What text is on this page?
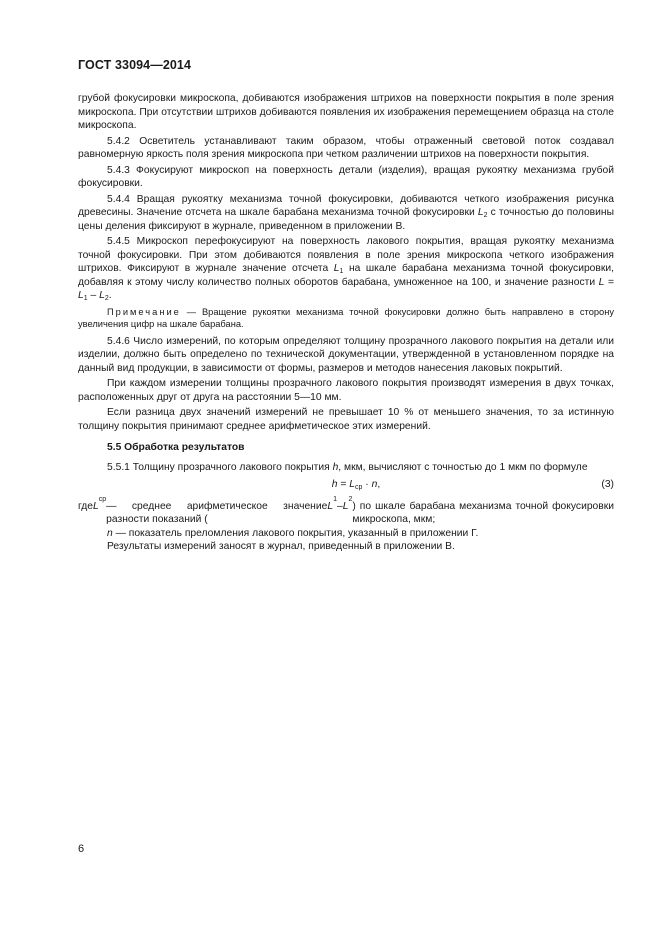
ГОСТ 33094—2014

грубой фокусировки микроскопа, добиваются изображения штрихов на поверхности покрытия в поле зрения микроскопа. При отсутствии штрихов добиваются появления их изображения перемещением образца на столе микроскопа.

5.4.2 Осветитель устанавливают таким образом, чтобы отраженный световой поток создавал равномерную яркость поля зрения микроскопа при четком различении штрихов на поверхности покрытия.

5.4.3 Фокусируют микроскоп на поверхность детали (изделия), вращая рукоятку механизма грубой фокусировки.

5.4.4 Вращая рукоятку механизма точной фокусировки, добиваются четкого изображения рисунка древесины. Значение отсчета на шкале барабана механизма точной фокусировки $L_2$ с точностью до половины цены деления фиксируют в журнале, приведенном в приложении В.

5.4.5 Микроскоп перефокусируют на поверхность лакового покрытия, вращая рукоятку механизма точной фокусировки. При этом добиваются появления в поле зрения микроскопа четкого изображения штрихов. Фиксируют в журнале значение отсчета $L_1$ на шкале барабана механизма точной фокусировки, добавляя к этому числу количество полных оборотов барабана, умноженное на 100, и значение разности $L = L_1 - L_2$.

Примечание — Вращение рукоятки механизма точной фокусировки должно быть направлено в сторону увеличения цифр на шкале барабана.

5.4.6 Число измерений, по которым определяют толщину прозрачного лакового покрытия на детали или изделии, должно быть определено по технической документации, утвержденной в установленном порядке на данный вид продукции, в зависимости от формы, размеров и методов нанесения лаковых покрытий.

При каждом измерении толщины прозрачного лакового покрытия производят измерения в двух точках, расположенных друг от друга на расстоянии 5—10 мм.

Если разница двух значений измерений не превышает 10 % от меньшего значения, то за истинную толщину покрытия принимают среднее арифметическое этих измерений.

5.5 Обработка результатов

5.5.1 Толщину прозрачного лакового покрытия h, мкм, вычисляют с точностью до 1 мкм по формуле

$h = L_{ср} \cdot n$,	(3)

где L
ср
— среднее арифметическое значение разности показаний (
L
1
– L
2
) по шкале барабана механизма точной фокусировки микроскопа, мкм;

n — показатель преломления лакового покрытия, указанный в приложении Г.

Результаты измерений заносят в журнал, приведенный в приложении В.

6
